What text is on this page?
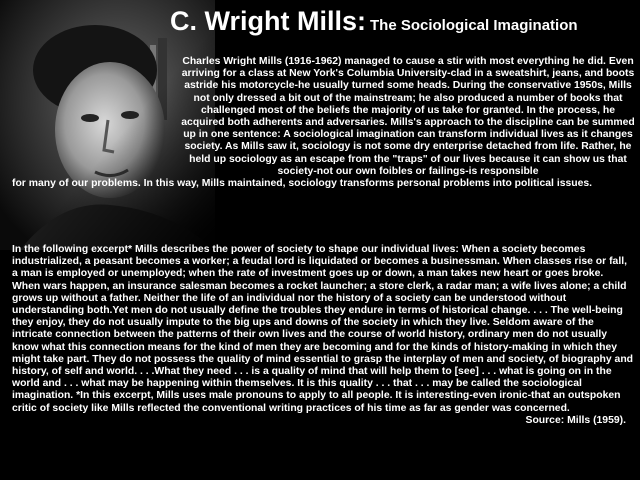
C. Wright Mills: The Sociological Imagination
Charles Wright Mills (1916-1962) managed to cause a stir with most everything he did. Even arriving for a class at New York's Columbia University-clad in a sweatshirt, jeans, and boots astride his motorcycle-he usually turned some heads. During the conservative 1950s, Mills not only dressed a bit out of the mainstream; he also produced a number of books that challenged most of the beliefs the majority of us take for granted. In the process, he acquired both adherents and adversaries. Mills's approach to the discipline can be summed up in one sentence: A sociological imagination can transform individual lives as it changes society. As Mills saw it, sociology is not some dry enterprise detached from life. Rather, he held up sociology as an escape from the "traps" of our lives because it can show us that society-not our own foibles or failings-is responsible
for many of our problems. In this way, Mills maintained, sociology transforms personal problems into political issues.
In the following excerpt* Mills describes the power of society to shape our individual lives: When a society becomes industrialized, a peasant becomes a worker; a feudal lord is liquidated or becomes a businessman. When classes rise or fall, a man is employed or unemployed; when the rate of investment goes up or down, a man takes new heart or goes broke. When wars happen, an insurance salesman becomes a rocket launcher; a store clerk, a radar man; a wife lives alone; a child grows up without a father. Neither the life of an individual nor the history of a society can be understood without understanding both.Yet men do not usually define the troubles they endure in terms of historical change. . . . The well-being they enjoy, they do not usually impute to the big ups and downs of the society in which they live. Seldom aware of the intricate connection between the patterns of their own lives and the course of world history, ordinary men do not usually know what this connection means for the kind of men they are becoming and for the kinds of history-making in which they might take part. They do not possess the quality of mind essential to grasp the interplay of men and society, of biography and history, of self and world. . . .What they need . . . is a quality of mind that will help them to [see] . . . what is going on in the world and . . . what may be happening within themselves. It is this quality . . . that . . . may be called the sociological imagination. *In this excerpt, Mills uses male pronouns to apply to all people. It is interesting-even ironic-that an outspoken critic of society like Mills reflected the conventional writing practices of his time as far as gender was concerned.
Source: Mills (1959).
